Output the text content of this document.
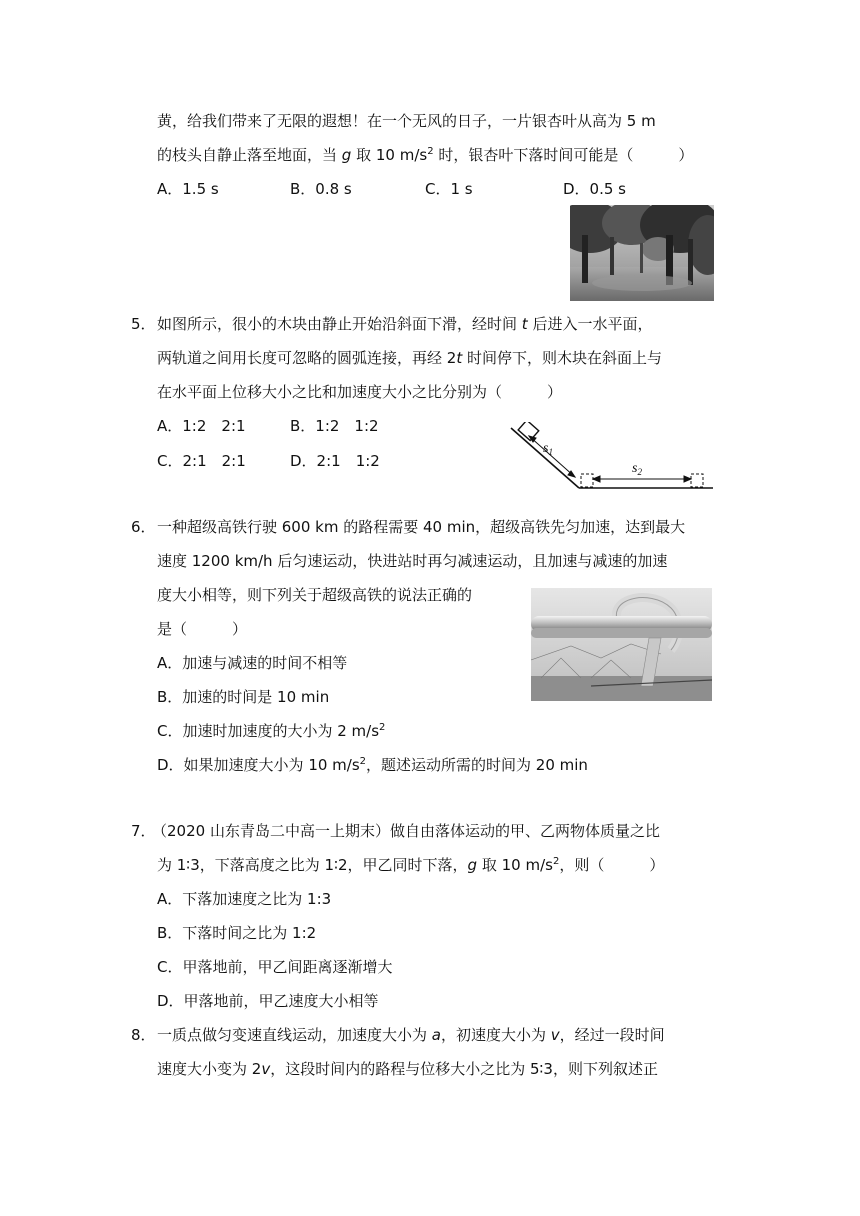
黄，给我们带来了无限的遐想！在一个无风的日子，一片银杏叶从高为 5 m
的枝头自静止落至地面，当 g 取 10 $m/s^2$ 时，银杏叶下落时间可能是（　　　）
A．1.5 s	B．0.8 s	C．1 s	D．0.5 s
5． 如图所示，很小的木块由静止开始沿斜面下滑，经时间 t 后进入一水平面，
两轨道之间用长度可忽略的圆弧连接，再经 2t 时间停下，则木块在斜面上与
在水平面上位移大小之比和加速度大小之比分别为（　　　）
A．1:2　2:1	B．1:2　1:2
C．2:1　2:1	D．2:1　1:2
$s_1$
$s_2$
6． 一种超级高铁行驶 600 km 的路程需要 40 min，超级高铁先匀加速，达到最大
速度 1200 km/h 后匀速运动，快进站时再匀减速运动，且加速与减速的加速
度大小相等，则下列关于超级高铁的说法正确的
是（　　　）
A．加速与减速的时间不相等
B．加速的时间是 10 min
C．加速时加速度的大小为 2 $m/s^2$
D．如果加速度大小为 10 $m/s^2$，题述运动所需的时间为 20 min
7．
（2020 山东青岛二中高一上期末）做自由落体运动的甲、乙两物体质量之比
为 1∶3，下落高度之比为 1∶2，甲乙同时下落，g 取 10 $m/s^2$，则（　　　）
A．下落加速度之比为 1:3
B．下落时间之比为 1:2
C．甲落地前，甲乙间距离逐渐增大
D．甲落地前，甲乙速度大小相等
8． 一质点做匀变速直线运动，加速度大小为 a，初速度大小为 v，经过一段时间
速度大小变为 2v，这段时间内的路程与位移大小之比为 5∶3，则下列叙述正
